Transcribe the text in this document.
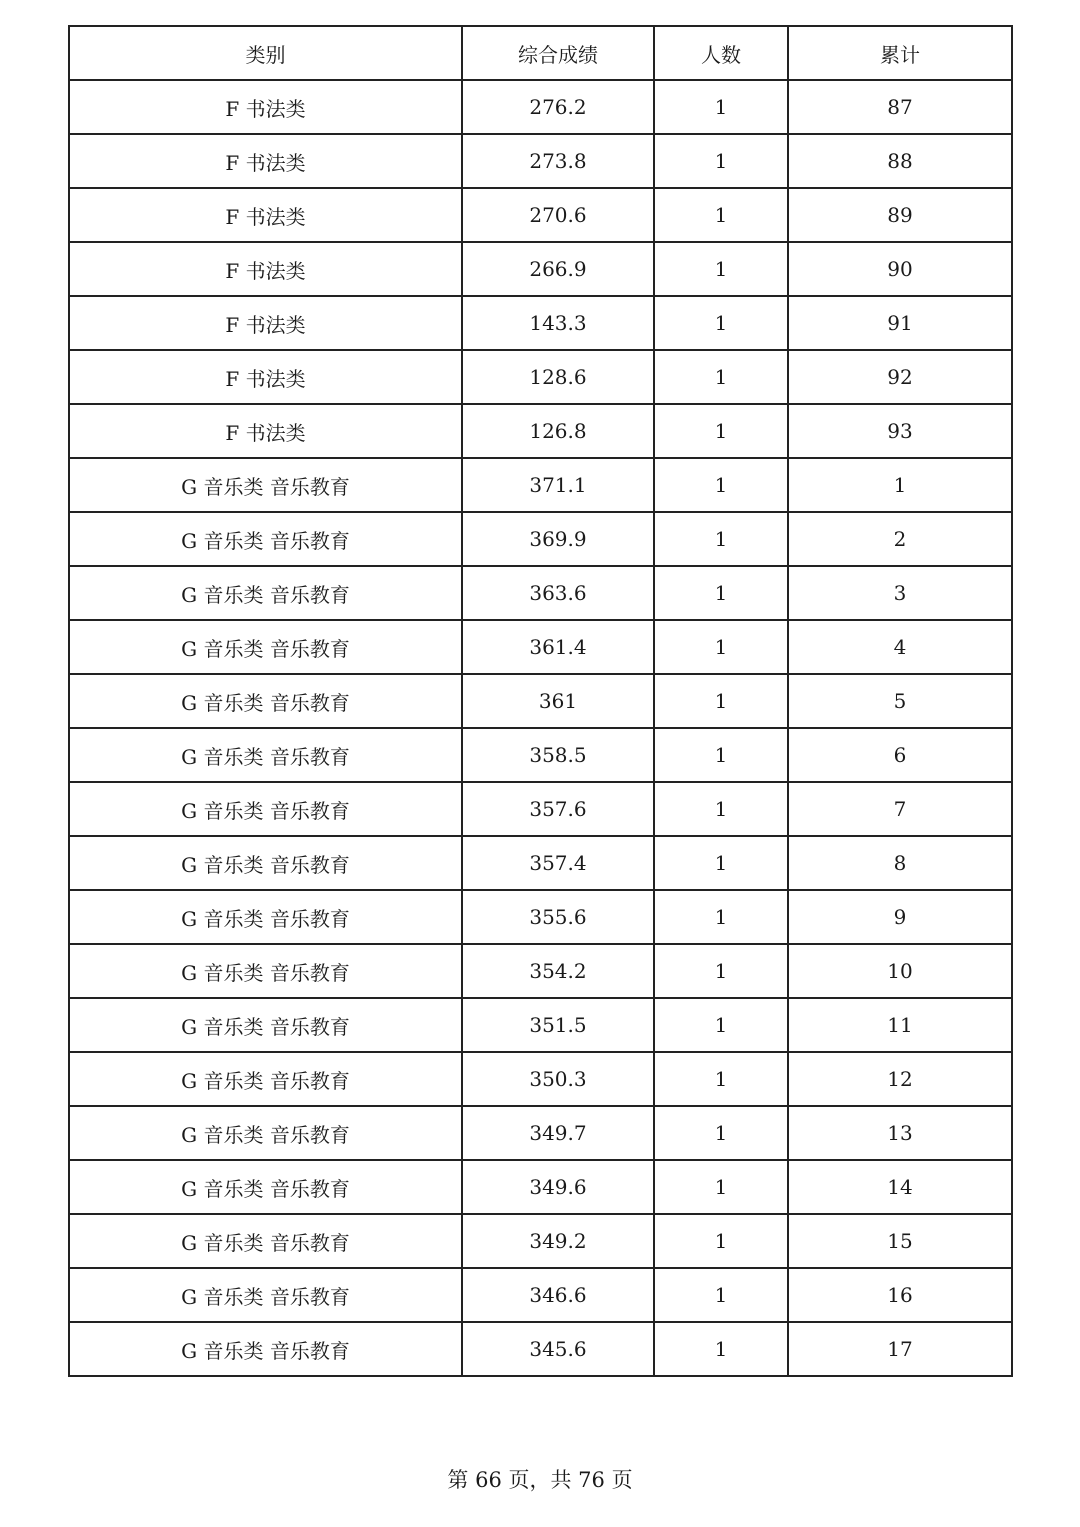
类别	综合成绩	人数	累计
F 书法类	276.2	1	87
F 书法类	273.8	1	88
F 书法类	270.6	1	89
F 书法类	266.9	1	90
F 书法类	143.3	1	91
F 书法类	128.6	1	92
F 书法类	126.8	1	93
G 音乐类 音乐教育	371.1	1	1
G 音乐类 音乐教育	369.9	1	2
G 音乐类 音乐教育	363.6	1	3
G 音乐类 音乐教育	361.4	1	4
G 音乐类 音乐教育	361	1	5
G 音乐类 音乐教育	358.5	1	6
G 音乐类 音乐教育	357.6	1	7
G 音乐类 音乐教育	357.4	1	8
G 音乐类 音乐教育	355.6	1	9
G 音乐类 音乐教育	354.2	1	10
G 音乐类 音乐教育	351.5	1	11
G 音乐类 音乐教育	350.3	1	12
G 音乐类 音乐教育	349.7	1	13
G 音乐类 音乐教育	349.6	1	14
G 音乐类 音乐教育	349.2	1	15
G 音乐类 音乐教育	346.6	1	16
G 音乐类 音乐教育	345.6	1	17
第 66 页，共 76 页
